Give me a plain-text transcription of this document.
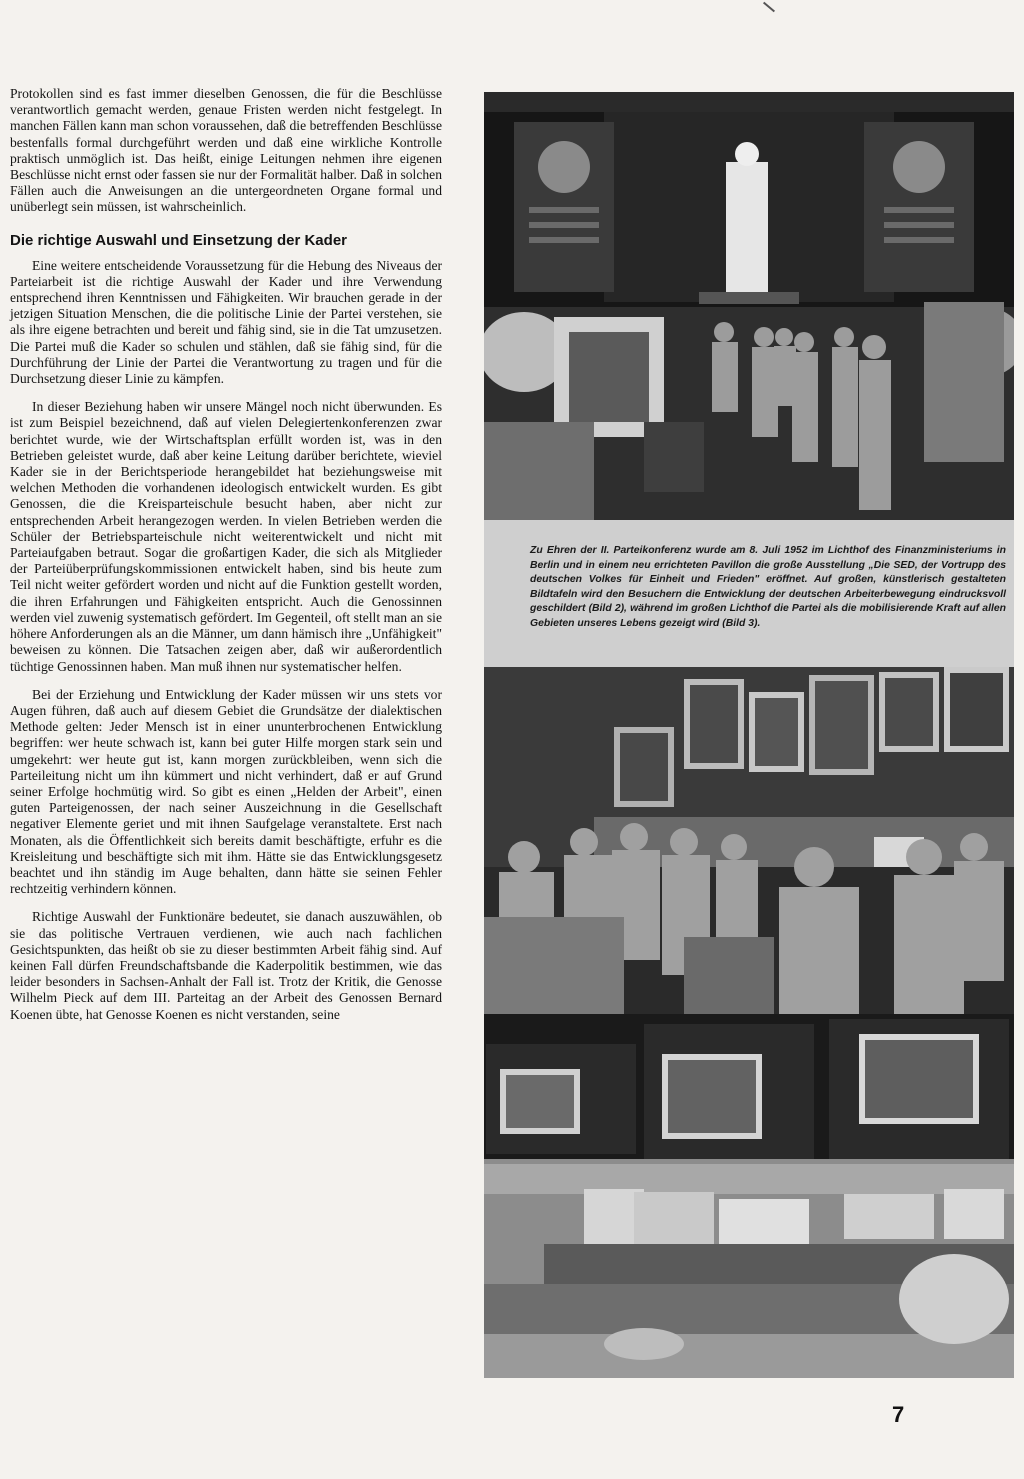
Protokollen sind es fast immer dieselben Genossen, die für die Beschlüsse verantwortlich gemacht werden, genaue Fristen werden nicht festgelegt. In manchen Fällen kann man schon voraussehen, daß die betreffenden Beschlüsse bestenfalls formal durchgeführt werden und daß eine wirkliche Kontrolle praktisch unmöglich ist. Das heißt, einige Leitungen nehmen ihre eigenen Beschlüsse nicht ernst oder fassen sie nur der Formalität halber. Daß in solchen Fällen auch die Anweisungen an die untergeordneten Organe formal und unüberlegt sein müssen, ist wahrscheinlich.

Die richtige Auswahl und Einsetzung der Kader

Eine weitere entscheidende Voraussetzung für die Hebung des Niveaus der Parteiarbeit ist die richtige Auswahl der Kader und ihre Verwendung entsprechend ihren Kenntnissen und Fähigkeiten. Wir brauchen gerade in der jetzigen Situation Menschen, die die politische Linie der Partei verstehen, sie als ihre eigene betrachten und bereit und fähig sind, sie in die Tat umzusetzen. Die Partei muß die Kader so schulen und stählen, daß sie fähig sind, für die Durchführung der Linie der Partei die Verantwortung zu tragen und für die Durchsetzung dieser Linie zu kämpfen.

In dieser Beziehung haben wir unsere Mängel noch nicht überwunden. Es ist zum Beispiel bezeichnend, daß auf vielen Delegiertenkonferenzen zwar berichtet wurde, wie der Wirtschaftsplan erfüllt worden ist, was in den Betrieben geleistet wurde, daß aber keine Leitung darüber berichtete, wieviel Kader sie in der Berichtsperiode herangebildet hat beziehungsweise mit welchen Methoden die vorhandenen ideologisch entwickelt wurden. Es gibt Genossen, die die Kreisparteischule besucht haben, aber nicht zur entsprechenden Arbeit herangezogen werden. In vielen Betrieben werden die Schüler der Betriebsparteischule nicht weiterentwickelt und nicht mit Parteiaufgaben betraut. Sogar die großartigen Kader, die sich als Mitglieder der Parteiüberprüfungskommissionen entwickelt haben, sind bis heute zum Teil nicht weiter gefördert worden und nicht auf die Funktion gestellt worden, die ihren Erfahrungen und Fähigkeiten entspricht. Auch die Genossinnen werden viel zuwenig systematisch gefördert. Im Gegenteil, oft stellt man an sie höhere Anforderungen als an die Männer, um dann hämisch ihre „Unfähigkeit" beweisen zu können. Die Tatsachen zeigen aber, daß wir außerordentlich tüchtige Genossinnen haben. Man muß ihnen nur systematischer helfen.

Bei der Erziehung und Entwicklung der Kader müssen wir uns stets vor Augen führen, daß auch auf diesem Gebiet die Grundsätze der dialektischen Methode gelten: Jeder Mensch ist in einer ununterbrochenen Entwicklung begriffen: wer heute schwach ist, kann bei guter Hilfe morgen stark sein und umgekehrt: wer heute gut ist, kann morgen zurückbleiben, wenn sich die Parteileitung nicht um ihn kümmert und nicht verhindert, daß er auf Grund seiner Erfolge hochmütig wird. So gibt es einen „Helden der Arbeit", einen guten Parteigenossen, der nach seiner Auszeichnung in die Gesellschaft negativer Elemente geriet und mit ihnen Saufgelage veranstaltete. Erst nach Monaten, als die Öffentlichkeit sich bereits damit beschäftigte, erfuhr es die Kreisleitung und beschäftigte sich mit ihm. Hätte sie das Entwicklungsgesetz beachtet und ihn ständig im Auge behalten, dann hätte sie seinen Fehler rechtzeitig verhindern können.

Richtige Auswahl der Funktionäre bedeutet, sie danach auszuwählen, ob sie das politische Vertrauen verdienen, wie auch nach fachlichen Gesichtspunkten, das heißt ob sie zu dieser bestimmten Arbeit fähig sind. Auf keinen Fall dürfen Freundschaftsbande die Kaderpolitik bestimmen, wie das leider besonders in Sachsen-Anhalt der Fall ist. Trotz der Kritik, die Genosse Wilhelm Pieck auf dem III. Parteitag an der Arbeit des Genossen Bernard Koenen übte, hat Genosse Koenen es nicht verstanden, seine

Zu Ehren der II. Parteikonferenz wurde am 8. Juli 1952 im Lichthof des Finanzministeriums in Berlin und in einem neu errichteten Pavillon die große Ausstellung „Die SED, der Vortrupp des deutschen Volkes für Einheit und Frieden" eröffnet. Auf großen, künstlerisch gestalteten Bildtafeln wird den Besuchern die Entwicklung der deutschen Arbeiterbewegung eindrucksvoll geschildert (Bild 2), während im großen Lichthof die Partei als die mobilisierende Kraft auf allen Gebieten unseres Lebens gezeigt wird (Bild 3).
7
